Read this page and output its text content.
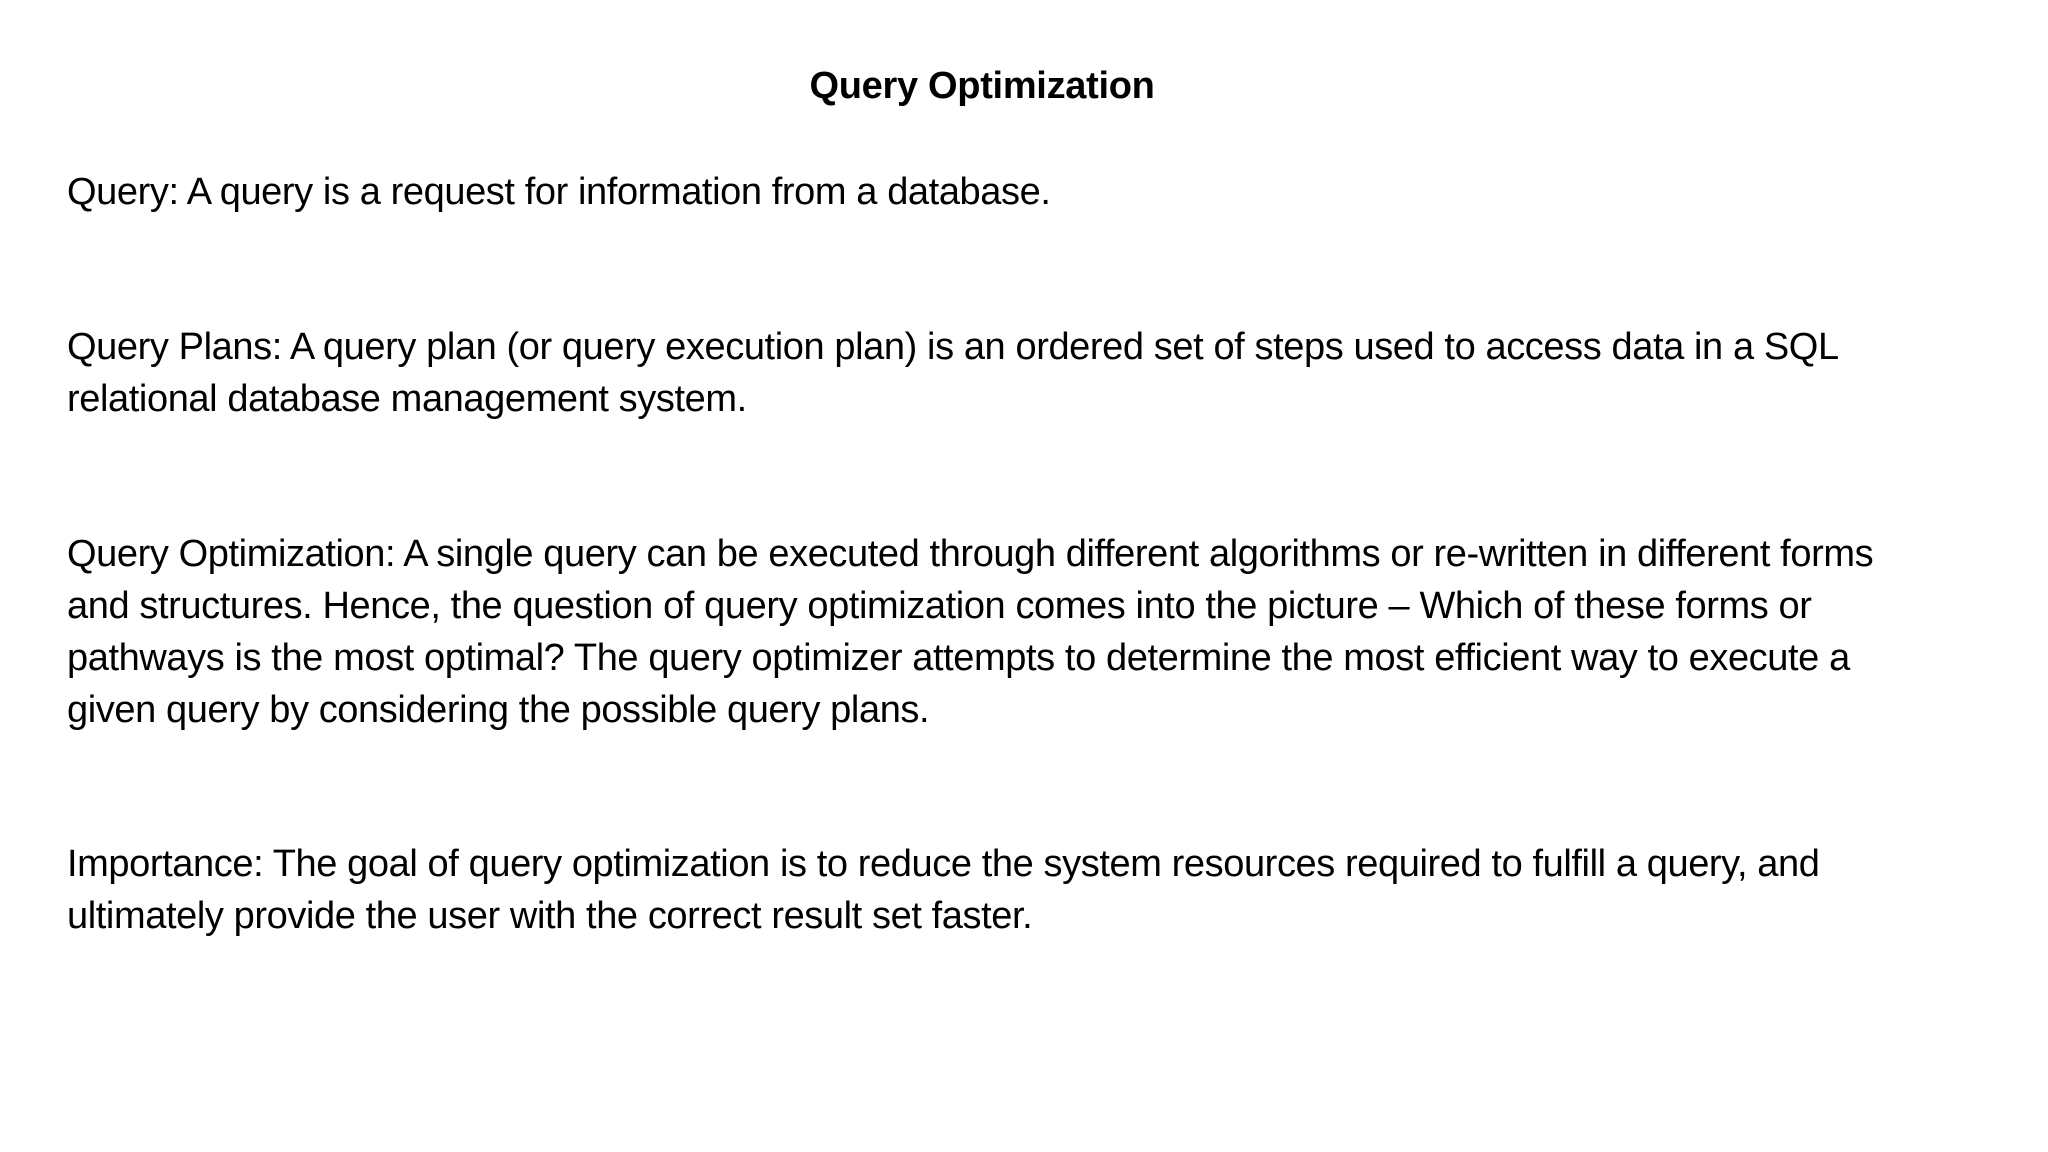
Query Optimization
Query: A query is a request for information from a database.
Query Plans: A query plan (or query execution plan) is an ordered set of steps used to access data in a SQL relational database management system.
Query Optimization: A single query can be executed through different algorithms or re-written in different forms and structures. Hence, the question of query optimization comes into the picture – Which of these forms or pathways is the most optimal? The query optimizer attempts to determine the most efficient way to execute a given query by considering the possible query plans.
Importance: The goal of query optimization is to reduce the system resources required to fulfill a query, and ultimately provide the user with the correct result set faster.
